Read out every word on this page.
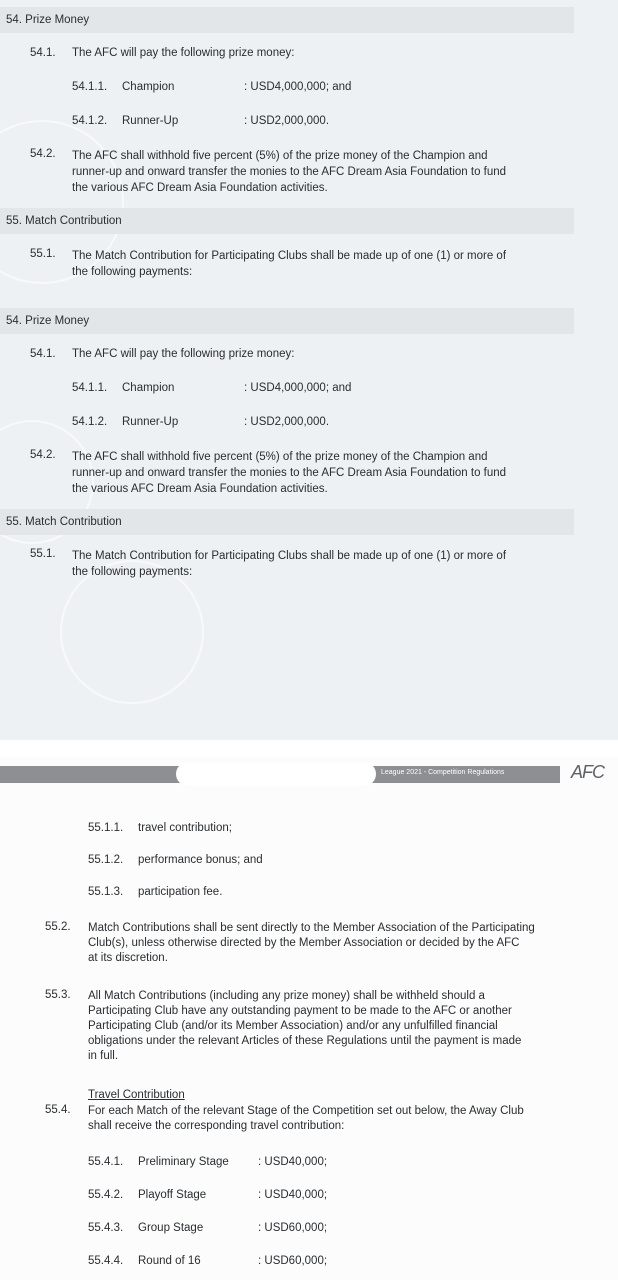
54. Prize Money
54.1. The AFC will pay the following prize money:
54.1.1. Champion	: USD4,000,000; and
54.1.2. Runner-Up	: USD2,000,000.
54.2. The AFC shall withhold five percent (5%) of the prize money of the Champion and
runner-up and onward transfer the monies to the AFC Dream Asia Foundation to fund
the various AFC Dream Asia Foundation activities.
55. Match Contribution
55.1. The Match Contribution for Participating Clubs shall be made up of one (1) or more of
the following payments:
54. Prize Money
54.1. The AFC will pay the following prize money:
54.1.1. Champion	: USD4,000,000; and
54.1.2. Runner-Up	: USD2,000,000.
54.2. The AFC shall withhold five percent (5%) of the prize money of the Champion and
runner-up and onward transfer the monies to the AFC Dream Asia Foundation to fund
the various AFC Dream Asia Foundation activities.
55. Match Contribution
55.1. The Match Contribution for Participating Clubs shall be made up of one (1) or more of
the following payments:
League 2021 - Competition Regulations	AFC
55.1.1. travel contribution;
55.1.2. performance bonus; and
55.1.3. participation fee.
55.2. Match Contributions shall be sent directly to the Member Association of the Participating
Club(s), unless otherwise directed by the Member Association or decided by the AFC
at its discretion.
55.3. All Match Contributions (including any prize money) shall be withheld should a
Participating Club have any outstanding payment to be made to the AFC or another
Participating Club (and/or its Member Association) and/or any unfulfilled financial
obligations under the relevant Articles of these Regulations until the payment is made
in full.
Travel Contribution
55.4. For each Match of the relevant Stage of the Competition set out below, the Away Club
shall receive the corresponding travel contribution:
55.4.1. Preliminary Stage	: USD40,000;
55.4.2. Playoff Stage	: USD40,000;
55.4.3. Group Stage	: USD60,000;
55.4.4. Round of 16	: USD60,000;
